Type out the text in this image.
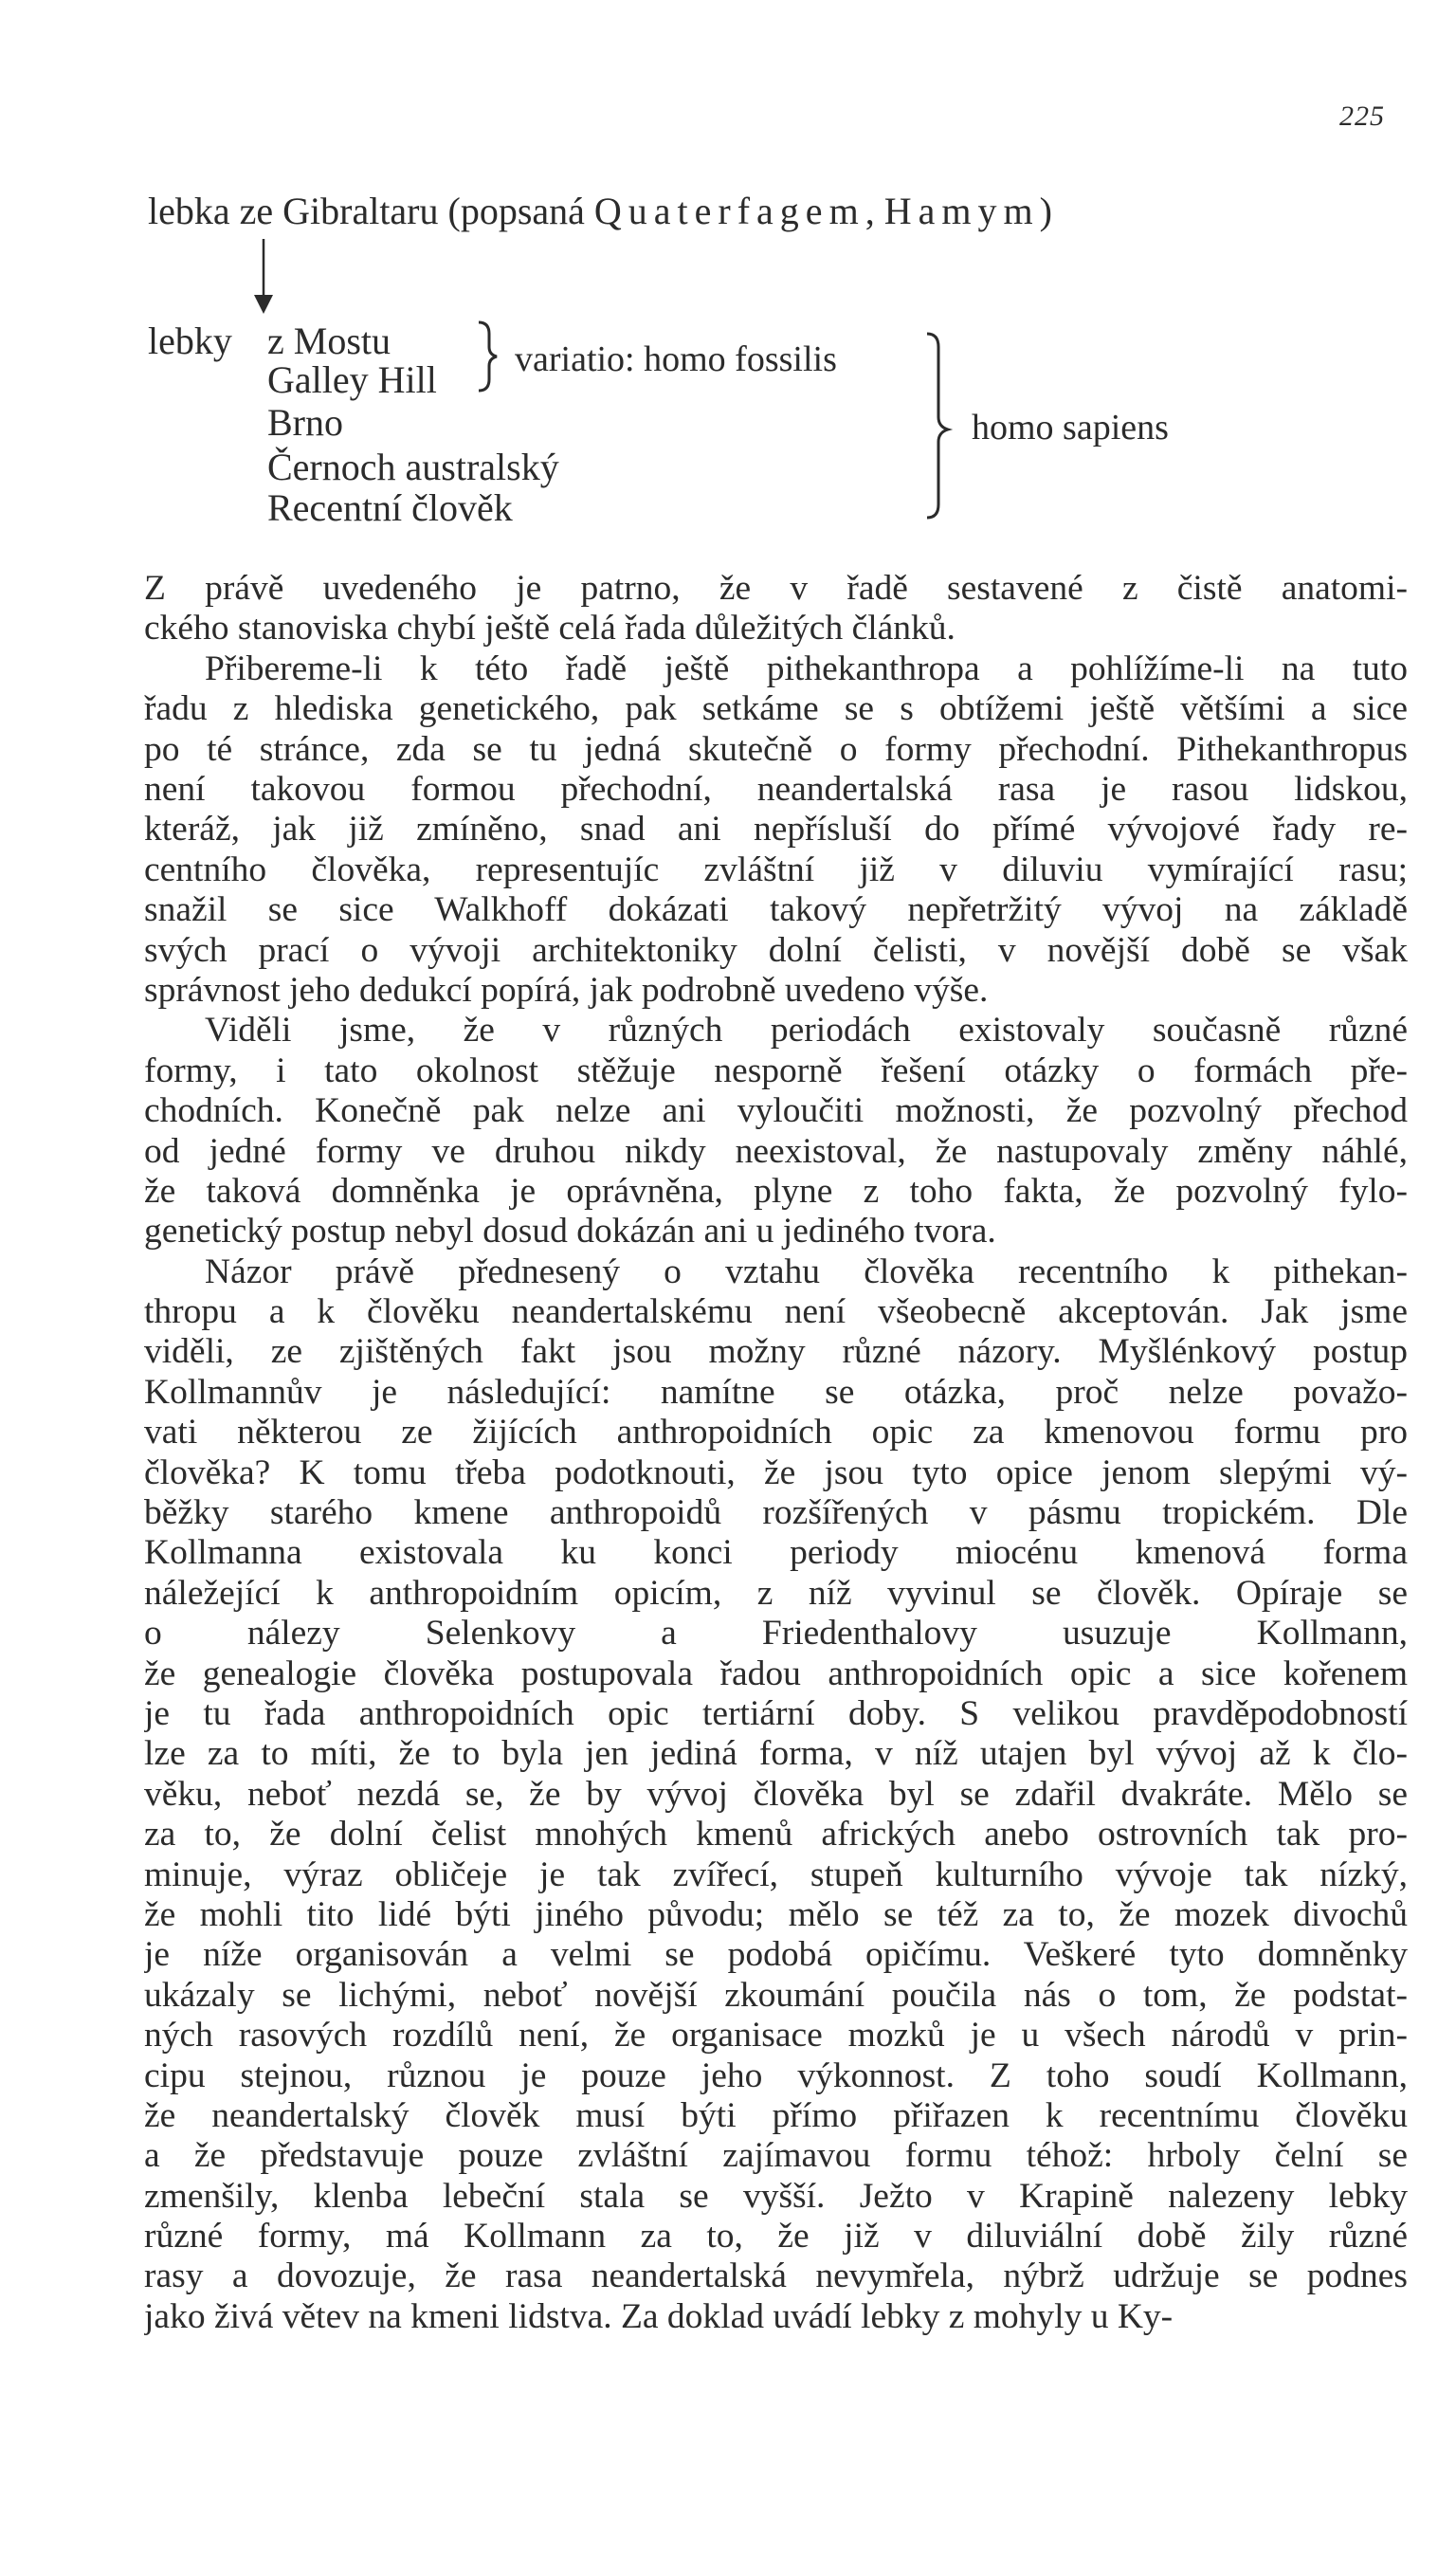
225
lebka ze Gibraltaru (popsaná Quaterfagem, Hamym)
lebky z Mostu
Galley Hill
Brno
Černoch australský
Recentní člověk
variatio: homo fossilis
homo sapiens
Z právě uvedeného je patrno, že v řadě sestavené z čistě anatomi-
ckého stanoviska chybí ještě celá řada důležitých článků.
Přibereme-li k této řadě ještě pithekanthropa a pohlížíme-li na tuto
řadu z hlediska genetického, pak setkáme se s obtížemi ještě většími a sice
po té stránce, zda se tu jedná skutečně o formy přechodní. Pithekanthropus
není takovou formou přechodní, neandertalská rasa je rasou lidskou,
kteráž, jak již zmíněno, snad ani nepřísluší do přímé vývojové řady re-
centního člověka, representujíc zvláštní již v diluviu vymírající rasu;
snažil se sice Walkhoff dokázati takový nepřetržitý vývoj na základě
svých prací o vývoji architektoniky dolní čelisti, v novější době se však
správnost jeho dedukcí popírá, jak podrobně uvedeno výše.
Viděli jsme, že v různých periodách existovaly současně různé
formy, i tato okolnost stěžuje nesporně řešení otázky o formách pře-
chodních. Konečně pak nelze ani vyloučiti možnosti, že pozvolný přechod
od jedné formy ve druhou nikdy neexistoval, že nastupovaly změny náhlé,
že taková domněnka je oprávněna, plyne z toho fakta, že pozvolný fylo-
genetický postup nebyl dosud dokázán ani u jediného tvora.
Názor právě přednesený o vztahu člověka recentního k pithekan-
thropu a k člověku neandertalskému není všeobecně akceptován. Jak jsme
viděli, ze zjištěných fakt jsou možny různé názory. Myšlénkový postup
Kollmannův je následující: namítne se otázka, proč nelze považo-
vati některou ze žijících anthropoidních opic za kmenovou formu pro
člověka? K tomu třeba podotknouti, že jsou tyto opice jenom slepými vý-
běžky starého kmene anthropoidů rozšířených v pásmu tropickém. Dle
Kollmanna existovala ku konci periody miocénu kmenová forma
náležející k anthropoidním opicím, z níž vyvinul se člověk. Opíraje se
o nálezy Selenkovy a Friedenthalovy usuzuje Kollmann,
že genealogie člověka postupovala řadou anthropoidních opic a sice kořenem
je tu řada anthropoidních opic tertiární doby. S velikou pravděpodobností
lze za to míti, že to byla jen jediná forma, v níž utajen byl vývoj až k člo-
věku, neboť nezdá se, že by vývoj člověka byl se zdařil dvakráte. Mělo se
za to, že dolní čelist mnohých kmenů afrických anebo ostrovních tak pro-
minuje, výraz obličeje je tak zvířecí, stupeň kulturního vývoje tak nízký,
že mohli tito lidé býti jiného původu; mělo se též za to, že mozek divochů
je níže organisován a velmi se podobá opičímu. Veškeré tyto domněnky
ukázaly se lichými, neboť novější zkoumání poučila nás o tom, že podstat-
ných rasových rozdílů není, že organisace mozků je u všech národů v prin-
cipu stejnou, různou je pouze jeho výkonnost. Z toho soudí Kollmann,
že neandertalský člověk musí býti přímo přiřazen k recentnímu člověku
a že představuje pouze zvláštní zajímavou formu téhož: hrboly čelní se
zmenšily, klenba lebeční stala se vyšší. Ježto v Krapině nalezeny lebky
různé formy, má Kollmann za to, že již v diluviální době žily různé
rasy a dovozuje, že rasa neandertalská nevymřela, nýbrž udržuje se podnes
jako živá větev na kmeni lidstva. Za doklad uvádí lebky z mohyly u Ky-
